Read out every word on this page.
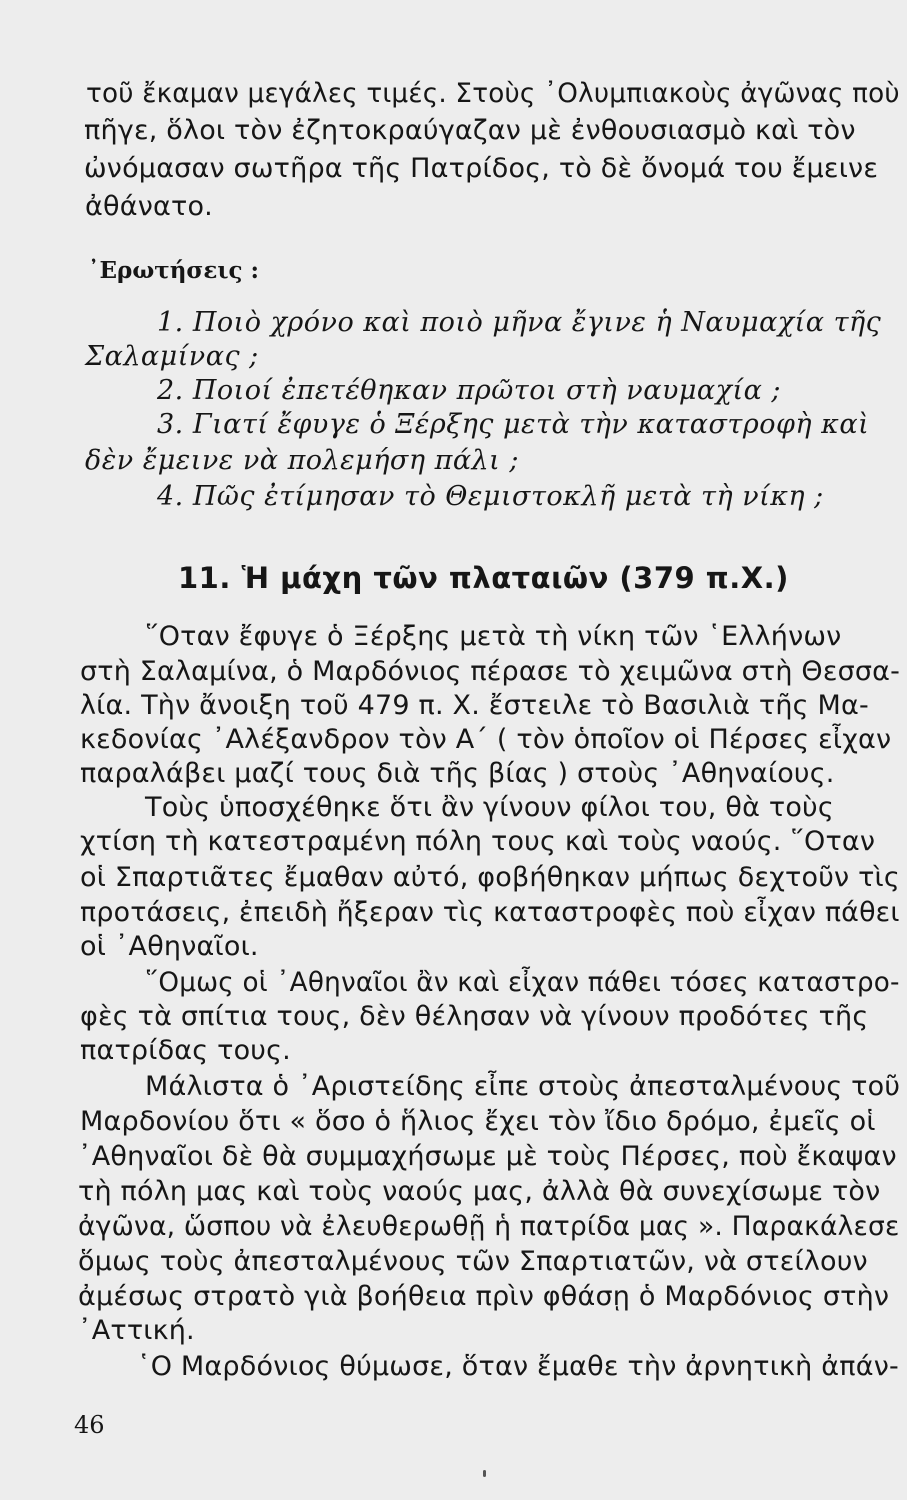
τοῦ ἔκαμαν μεγάλες τιμές. Στοὺς ᾿Ολυμπιακοὺς ἀγῶνας ποὺ
πῆγε, ὅλοι τὸν ἐζητοκραύγαζαν μὲ ἐνθουσιασμὸ καὶ τὸν
ὠνόμασαν σωτῆρα τῆς Πατρίδος, τὸ δὲ ὄνομά του ἔμεινε
ἀθάνατο.
᾿Ερωτήσεις :
1. Ποιὸ χρόνο καὶ ποιὸ μῆνα ἔγινε ἡ Ναυμαχία τῆς
Σαλαμίνας ;
2. Ποιοί ἐπετέθηκαν πρῶτοι στὴ ναυμαχία ;
3. Γιατί ἔφυγε ὁ Ξέρξης μετὰ τὴν καταστροφὴ καὶ
δὲν ἔμεινε νὰ πολεμήση πάλι ;
4. Πῶς ἐτίμησαν τὸ Θεμιστοκλῆ μετὰ τὴ νίκη ;
11. Ἡ μάχη τῶν πλαταιῶν (379 π.Χ.)
῞Οταν ἔφυγε ὁ Ξέρξης μετὰ τὴ νίκη τῶν ῾Ελλήνων
στὴ Σαλαμίνα, ὁ Μαρδόνιος πέρασε τὸ χειμῶνα στὴ Θεσσα-
λία. Τὴν ἄνοιξη τοῦ 479 π. Χ. ἔστειλε τὸ Βασιλιὰ τῆς Μα-
κεδονίας ᾿Αλέξανδρον τὸν Α΄ ( τὸν ὁποῖον οἱ Πέρσες εἶχαν
παραλάβει μαζί τους διὰ τῆς βίας ) στοὺς ᾿Αθηναίους.
Τοὺς ὑποσχέθηκε ὅτι ἂν γίνουν φίλοι του, θὰ τοὺς
χτίση τὴ κατεστραμένη πόλη τους καὶ τοὺς ναούς. ῞Οταν
οἱ Σπαρτιᾶτες ἔμαθαν αὐτό, φοβήθηκαν μήπως δεχτοῦν τὶς
προτάσεις, ἐπειδὴ ἤξεραν τὶς καταστροφὲς ποὺ εἶχαν πάθει
οἱ ᾿Αθηναῖοι.
῞Ομως οἱ ᾿Αθηναῖοι ἂν καὶ εἶχαν πάθει τόσες καταστρο-
φὲς τὰ σπίτια τους, δὲν θέλησαν νὰ γίνουν προδότες τῆς
πατρίδας τους.
Μάλιστα ὁ ᾿Αριστείδης εἶπε στοὺς ἀπεσταλμένους τοῦ
Μαρδονίου ὅτι « ὅσο ὁ ἥλιος ἔχει τὸν ἴδιο δρόμο, ἐμεῖς οἱ
᾿Αθηναῖοι δὲ θὰ συμμαχήσωμε μὲ τοὺς Πέρσες, ποὺ ἔκαψαν
τὴ πόλη μας καὶ τοὺς ναούς μας, ἀλλὰ θὰ συνεχίσωμε τὸν
ἀγῶνα, ὥσπου νὰ ἐλευθερωθῇ ἡ πατρίδα μας ». Παρακάλεσε
ὅμως τοὺς ἀπεσταλμένους τῶν Σπαρτιατῶν, νὰ στείλουν
ἀμέσως στρατὸ γιὰ βοήθεια πρὶν φθάσῃ ὁ Μαρδόνιος στὴν
᾿Αττική.
῾Ο Μαρδόνιος θύμωσε, ὅταν ἔμαθε τὴν ἀρνητικὴ ἀπάν-
46
